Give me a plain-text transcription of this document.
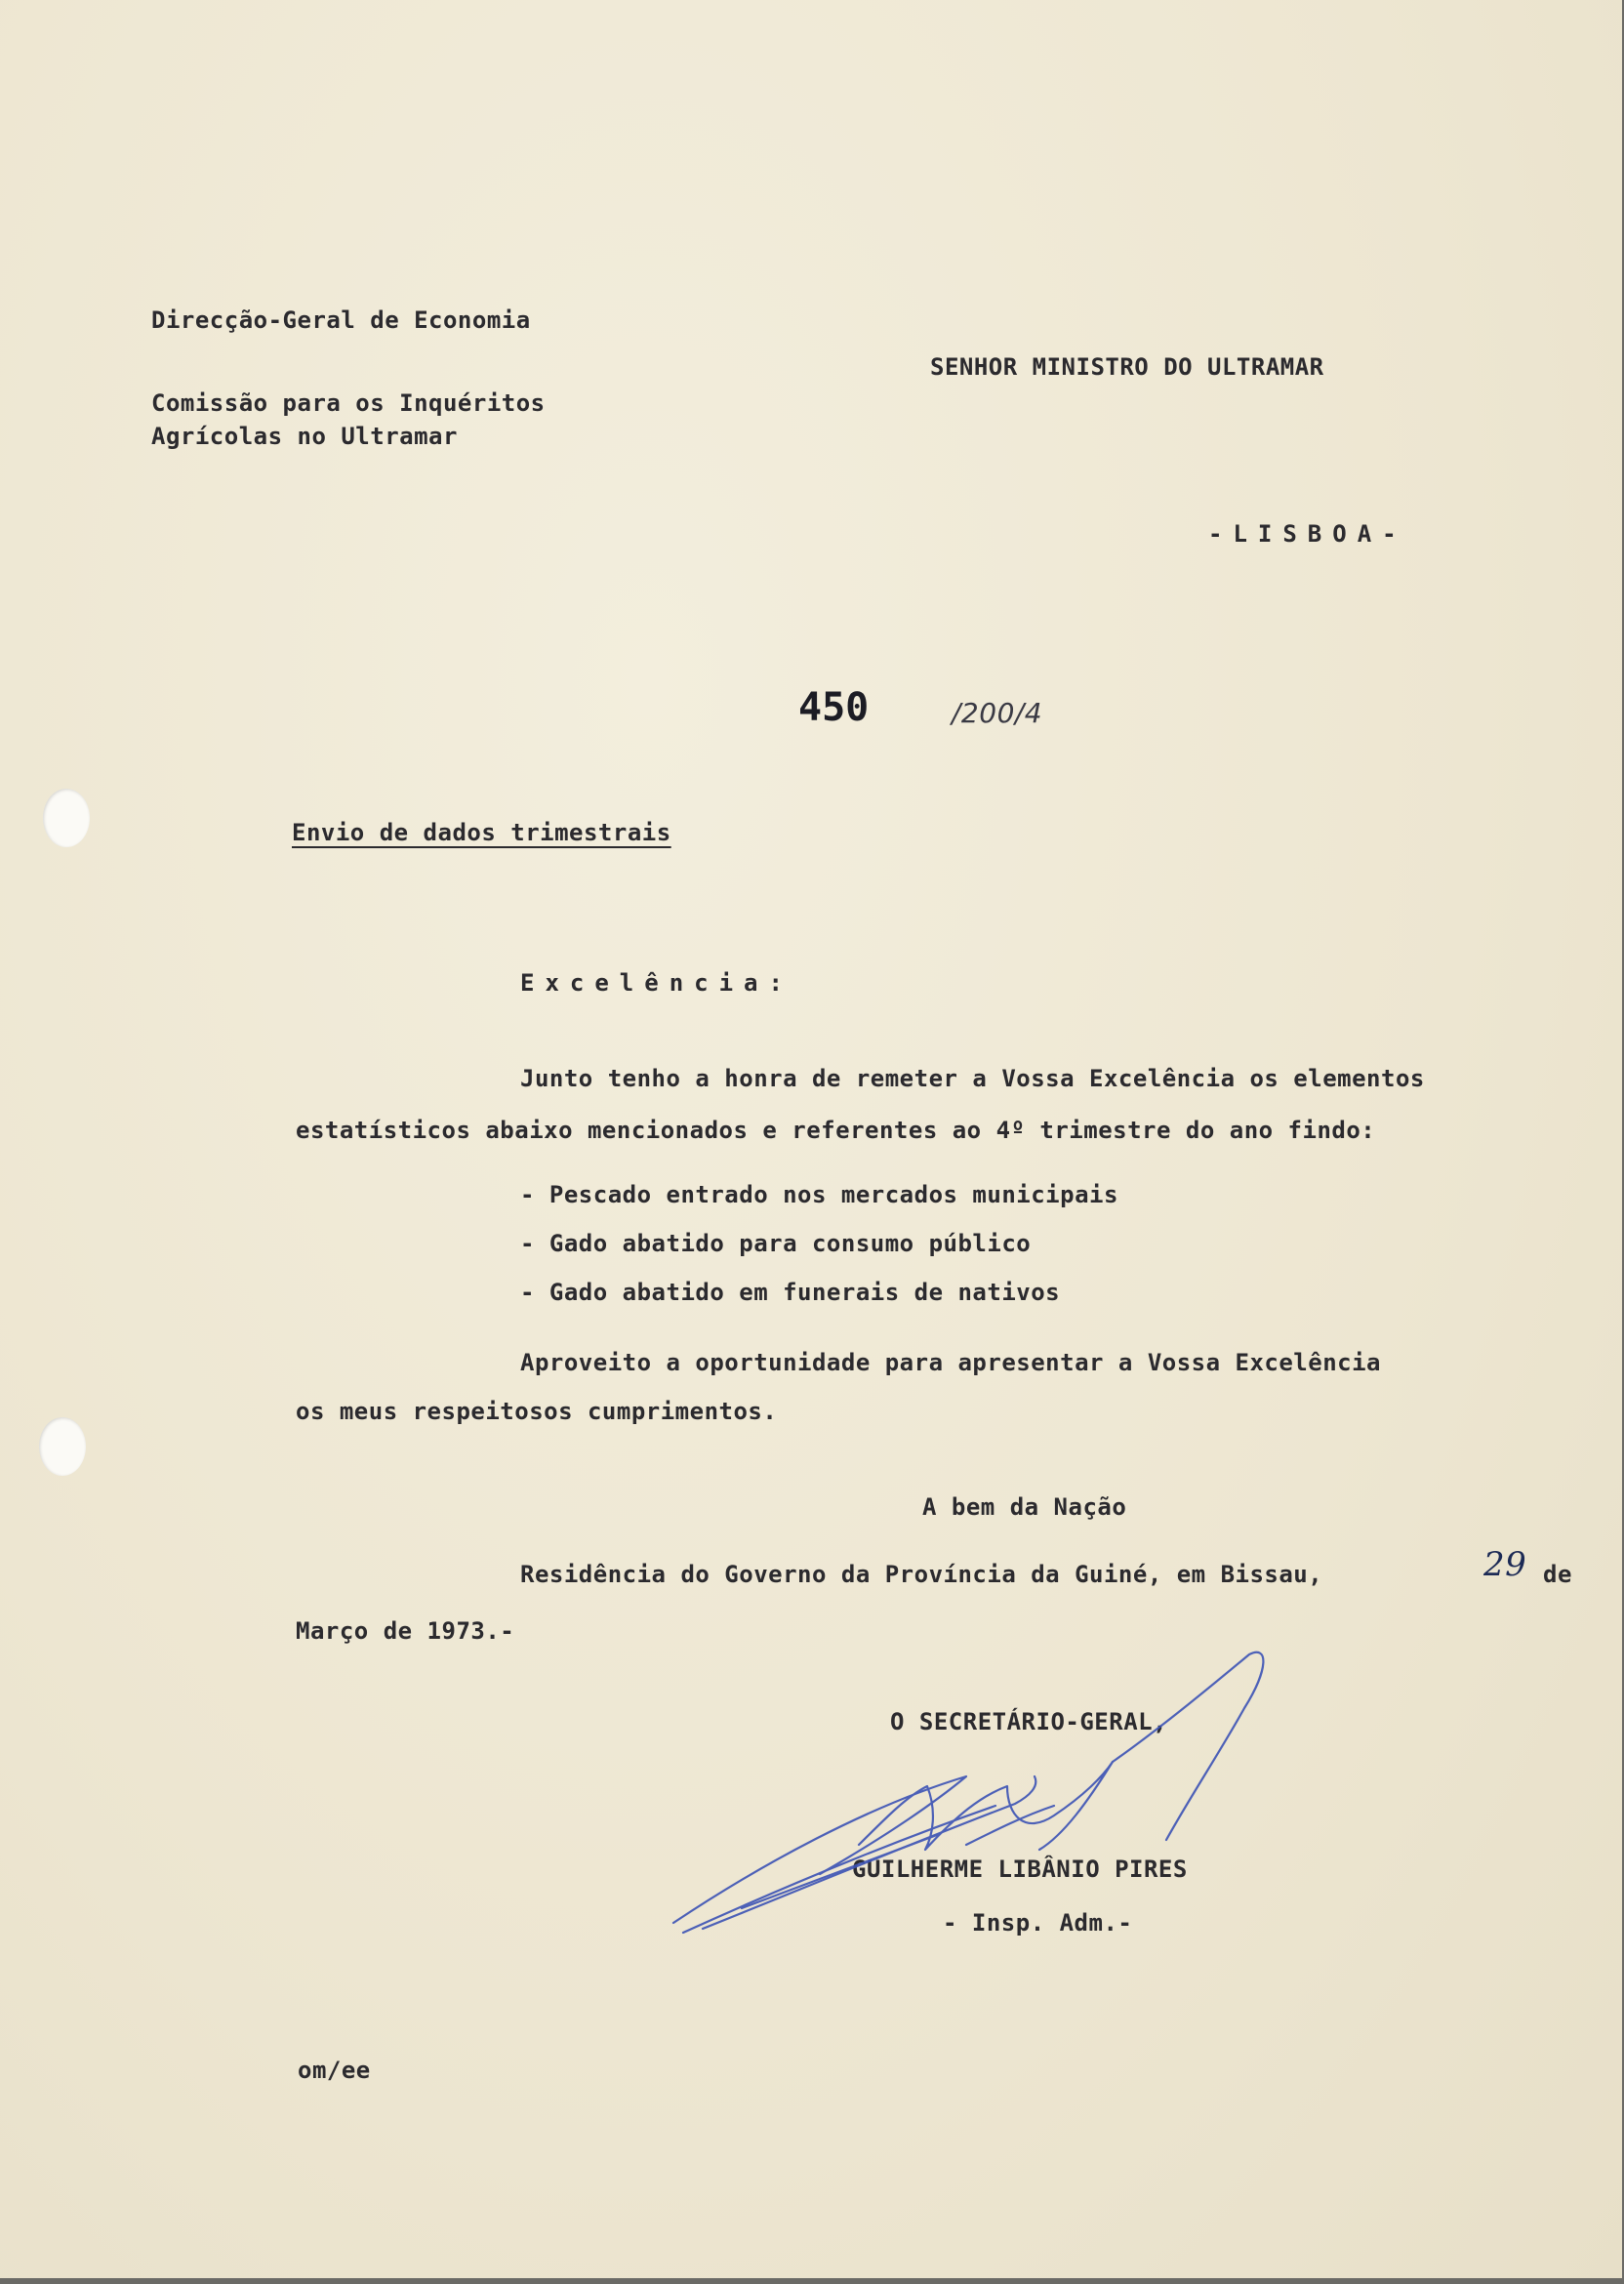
Direcção-Geral de Economia
Comissão para os Inquéritos
Agrícolas no Ultramar
SENHOR MINISTRO DO ULTRAMAR
-LISBOA-
450	/200/4
Envio de dados trimestrais
Excelência:
Junto tenho a honra de remeter a Vossa Excelência os elementos
estatísticos abaixo mencionados e referentes ao 4º trimestre do ano findo:
- Pescado entrado nos mercados municipais
- Gado abatido para consumo público
- Gado abatido em funerais de nativos
Aproveito a oportunidade para apresentar a Vossa Excelência
os meus respeitosos cumprimentos.
A bem da Nação
Residência do Governo da Província da Guiné, em Bissau,	29 de
Março de 1973.-
O SECRETÁRIO-GERAL,
GUILHERME LIBÂNIO PIRES
- Insp. Adm.-
om/ee
